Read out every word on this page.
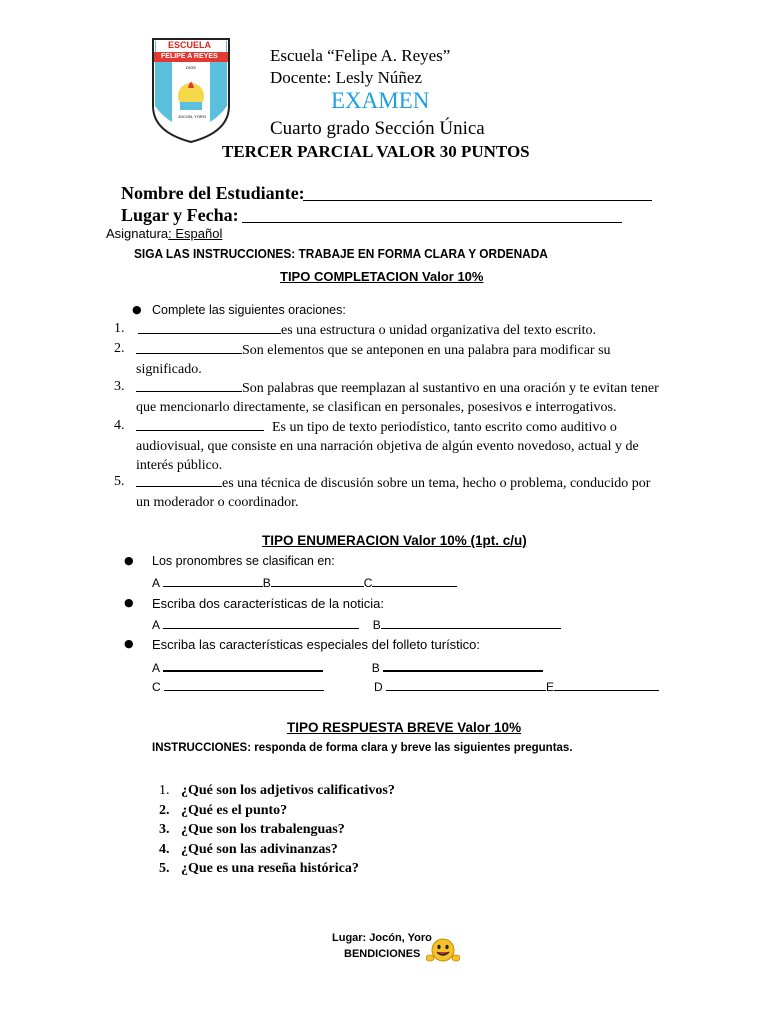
ESCUELA
FELIPE A REYES
DIOS
JOCON, YORO
Escuela “Felipe A. Reyes”
Docente: Lesly Núñez
EXAMEN
Cuarto grado Sección Única
TERCER PARCIAL VALOR 30 PUNTOS
Nombre del Estudiante:
Lugar y Fecha:
Asignatura: Español
SIGA LAS INSTRUCCIONES: TRABAJE EN FORMA CLARA Y ORDENADA
TIPO COMPLETACION Valor 10%
● Complete las siguientes oraciones:
1.	es una estructura o unidad organizativa del texto escrito.
2.	Son elementos que se anteponen en una palabra para modificar su
significado.
3.	Son palabras que reemplazan al sustantivo en una oración y te evitan tener
que mencionarlo directamente, se clasifican en personales, posesivos e interrogativos.
4.	Es un tipo de texto periodístico, tanto escrito como auditivo o
audiovisual, que consiste en una narración objetiva de algún evento novedoso, actual y de
interés público.
5.	es una técnica de discusión sobre un tema, hecho o problema, conducido por
un moderador o coordinador.
TIPO ENUMERACION Valor 10% (1pt. c/u)
● Los pronombres se clasifican en:
A	B	C
● Escriba dos características de la noticia:
A	B
● Escriba las características especiales del folleto turístico:
A	B
C	D	E
TIPO RESPUESTA BREVE Valor 10%
INSTRUCCIONES: responda de forma clara y breve las siguientes preguntas.
1. ¿Qué son los adjetivos calificativos?
2. ¿Qué es el punto?
3. ¿Que son los trabalenguas?
4. ¿Qué son las adivinanzas?
5. ¿Que es una reseña histórica?
Lugar: Jocón, Yoro
BENDICIONES
